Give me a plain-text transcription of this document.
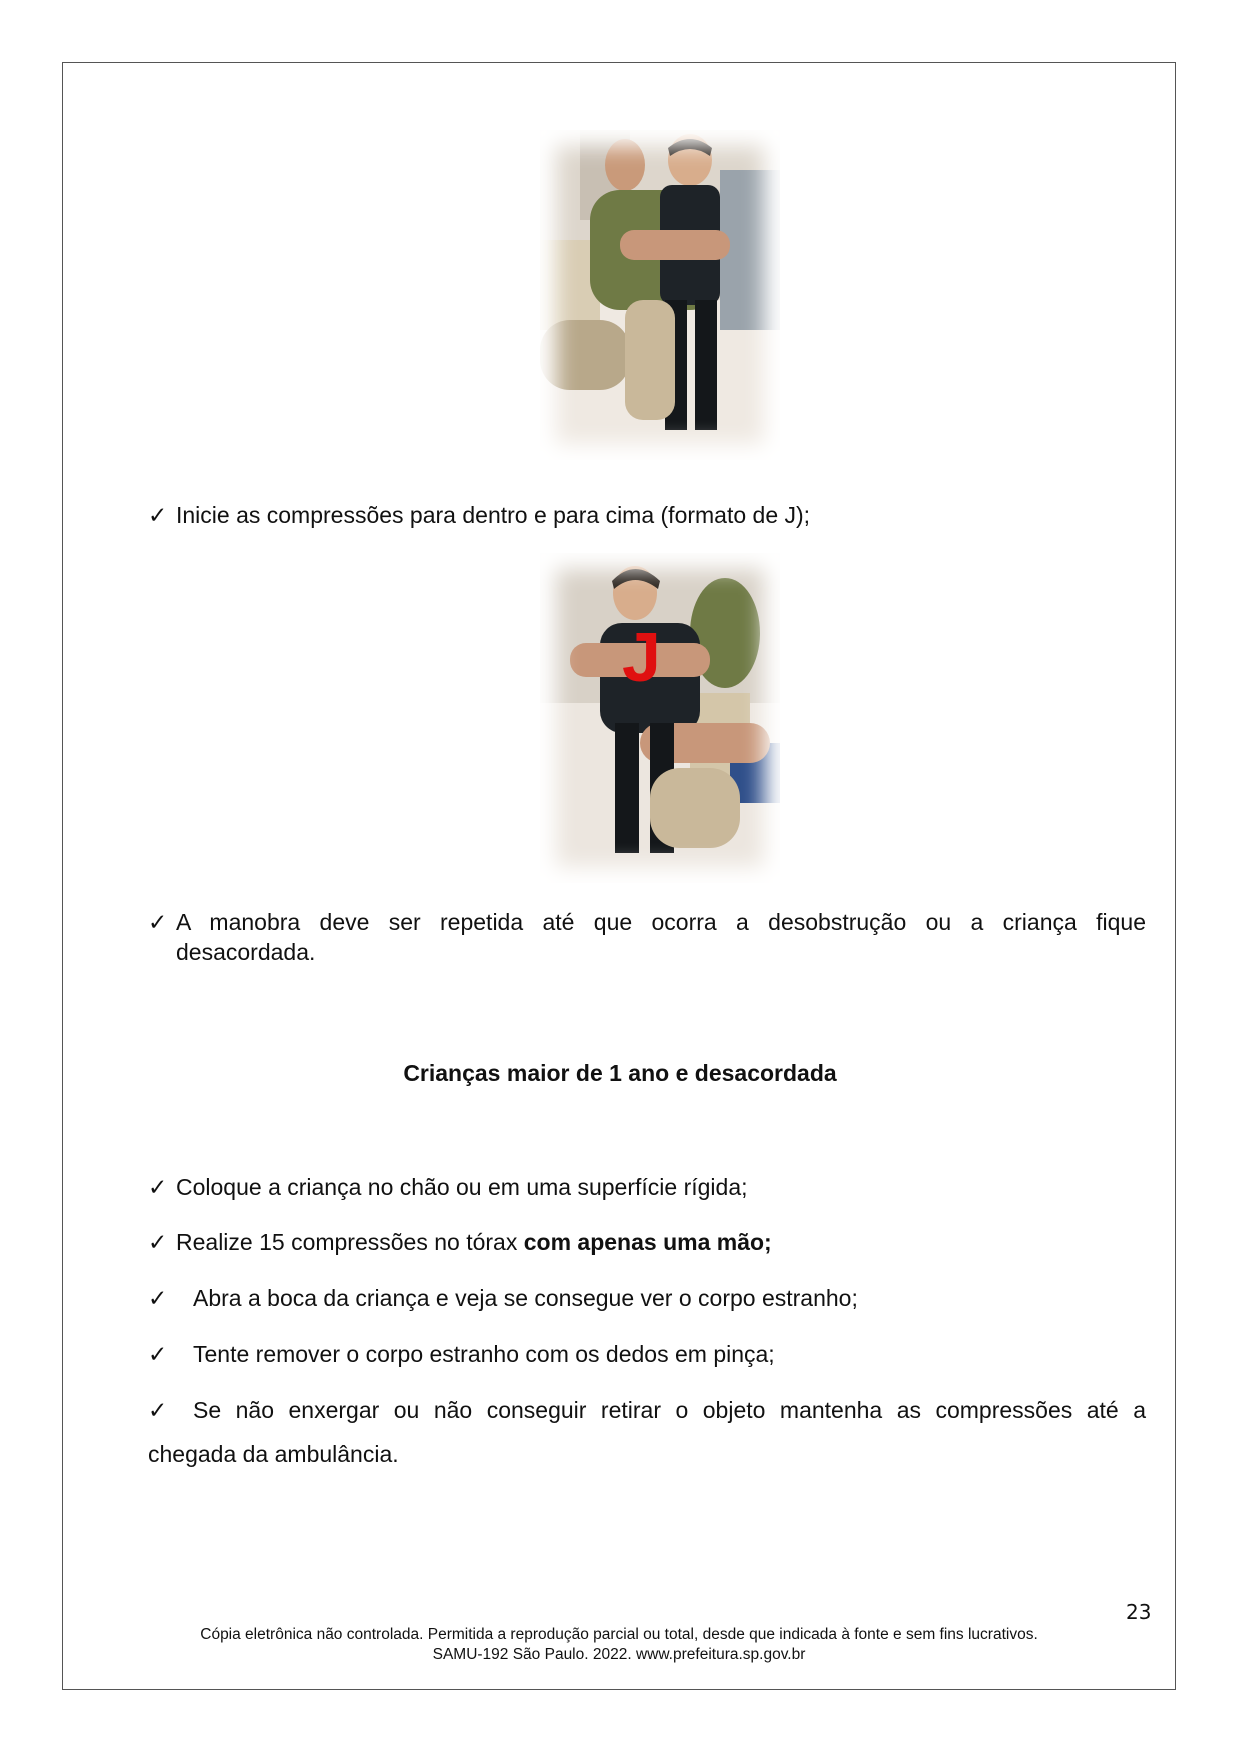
✓ Inicie as compressões para dentro e para cima (formato de J);
J
✓ A manobra deve ser repetida até que ocorra a desobstrução ou a criança fique
desacordada.
Crianças maior de 1 ano e desacordada
✓ Coloque a criança no chão ou em uma superfície rígida;
✓ Realize 15 compressões no tórax com apenas uma mão;
✓ Abra a boca da criança e veja se consegue ver o corpo estranho;
✓ Tente remover o corpo estranho com os dedos em pinça;
✓ Se não enxergar ou não conseguir retirar o objeto mantenha as compressões até a
chegada da ambulância.
23
Cópia eletrônica não controlada. Permitida a reprodução parcial ou total, desde que indicada à fonte e sem fins lucrativos.
SAMU-192 São Paulo. 2022. www.prefeitura.sp.gov.br
